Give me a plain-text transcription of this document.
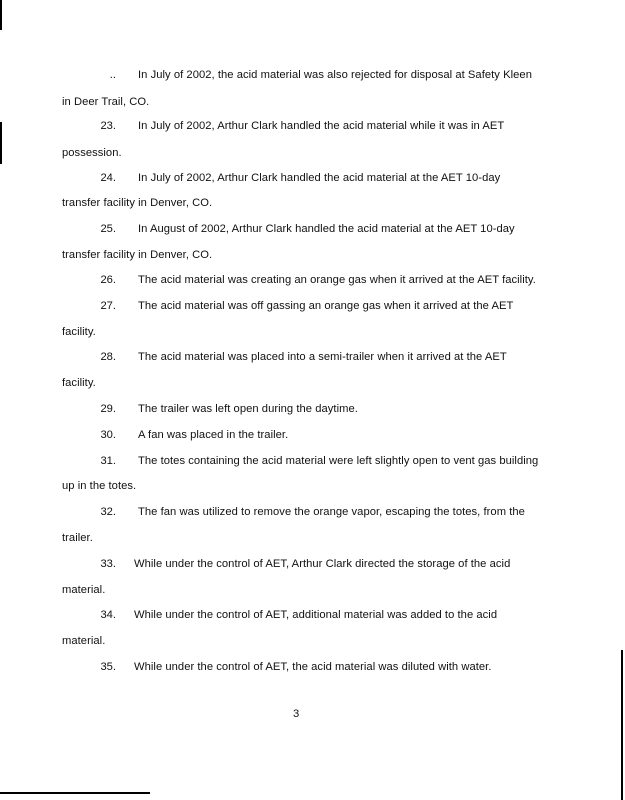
.. In July of 2002, the acid material was also rejected for disposal at Safety Kleen
in Deer Trail, CO.
23. In July of 2002, Arthur Clark handled the acid material while it was in AET
possession.
24. In July of 2002, Arthur Clark handled the acid material at the AET 10-day
transfer facility in Denver, CO.
25. In August of 2002, Arthur Clark handled the acid material at the AET 10-day
transfer facility in Denver, CO.
26. The acid material was creating an orange gas when it arrived at the AET facility.
27. The acid material was off gassing an orange gas when it arrived at the AET
facility.
28. The acid material was placed into a semi-trailer when it arrived at the AET
facility.
29. The trailer was left open during the daytime.
30. A fan was placed in the trailer.
31. The totes containing the acid material were left slightly open to vent gas building
up in the totes.
32. The fan was utilized to remove the orange vapor, escaping the totes, from the
trailer.
33. While under the control of AET, Arthur Clark directed the storage of the acid
material.
34. While under the control of AET, additional material was added to the acid
material.
35. While under the control of AET, the acid material was diluted with water.
3
